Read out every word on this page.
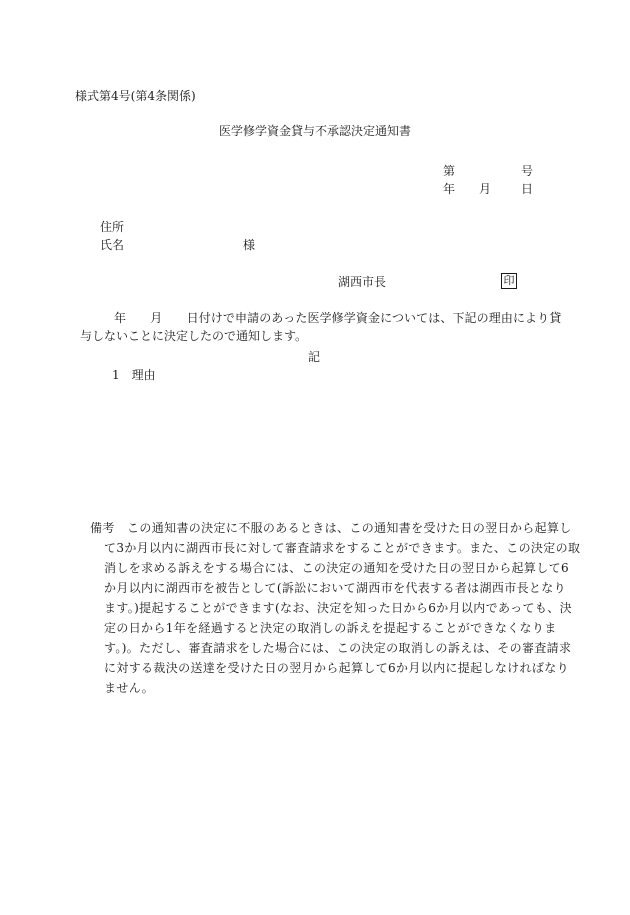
様式第4号(第4条関係)
医学修学資金貸与不承認決定通知書
第	号
年 月 日
住所
氏名	様
湖西市長	印
年　　月　　日付けで申請のあった医学修学資金については、下記の理由により貸
与しないことに決定したので通知します。
記
1　理由
備考　この通知書の決定に不服のあるときは、この通知書を受けた日の翌日から起算し
て3か月以内に湖西市長に対して審査請求をすることができます。また、この決定の取
消しを求める訴えをする場合には、この決定の通知を受けた日の翌日から起算して6
か月以内に湖西市を被告として(訴訟において湖西市を代表する者は湖西市長となり
ます。)提起することができます(なお、決定を知った日から6か月以内であっても、決
定の日から1年を経過すると決定の取消しの訴えを提起することができなくなりま
す。)。ただし、審査請求をした場合には、この決定の取消しの訴えは、その審査請求
に対する裁決の送達を受けた日の翌月から起算して6か月以内に提起しなければなり
ません。
